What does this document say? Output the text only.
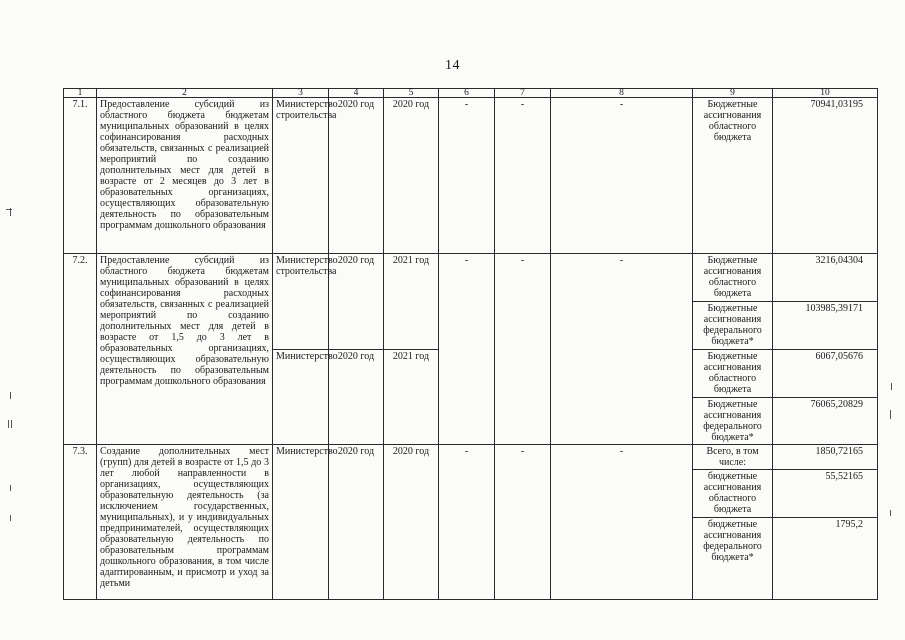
14
1	2	3	4	5	6	7	8	9	10
7.1.	Предоставление субсидий из областного бюджета бюджетам муниципальных образований в целях софинансирования расходных обязательств, связанных с реализацией мероприятий по созданию дополнительных мест для детей в возрасте от 2 месяцев до 3 лет в образовательных организациях, осуществляющих образовательную деятельность по образовательным программам дошкольного образования	Министерство строительства	2020 год	2020 год	-	-	-	Бюджетные ассигнования областного бюджета	70941,03195
7.2.	Предоставление субсидий из областного бюджета бюджетам муниципальных образований в целях софинансирования расходных обязательств, связанных с реализацией мероприятий по созданию дополнительных мест для детей в возрасте от 1,5 до 3 лет в образовательных организациях, осуществляющих образовательную деятельность по образовательным программам дошкольного образования	Министерство строительства	2020 год	2021 год	-	-	-	Бюджетные ассигнования областного бюджета	3216,04304
								Бюджетные ассигнования федерального бюджета*	103985,39171
		Министерство	2020 год	2021 год				Бюджетные ассигнования областного бюджета	6067,05676
								Бюджетные ассигнования федерального бюджета*	76065,20829
7.3.	Создание дополнительных мест (групп) для детей в возрасте от 1,5 до 3 лет любой направленности в организациях, осуществляющих образовательную деятельность (за исключением государственных, муниципальных), и у индивидуальных предпринимателей, осуществляющих образовательную деятельность по образовательным программам дошкольного образования, в том числе адаптированным, и присмотр и уход за детьми	Министерство	2020 год	2020 год	-	-	-	Всего, в том числе:	1850,72165
								бюджетные ассигнования областного бюджета	55,52165
								бюджетные ассигнования федерального бюджета*	1795,2
